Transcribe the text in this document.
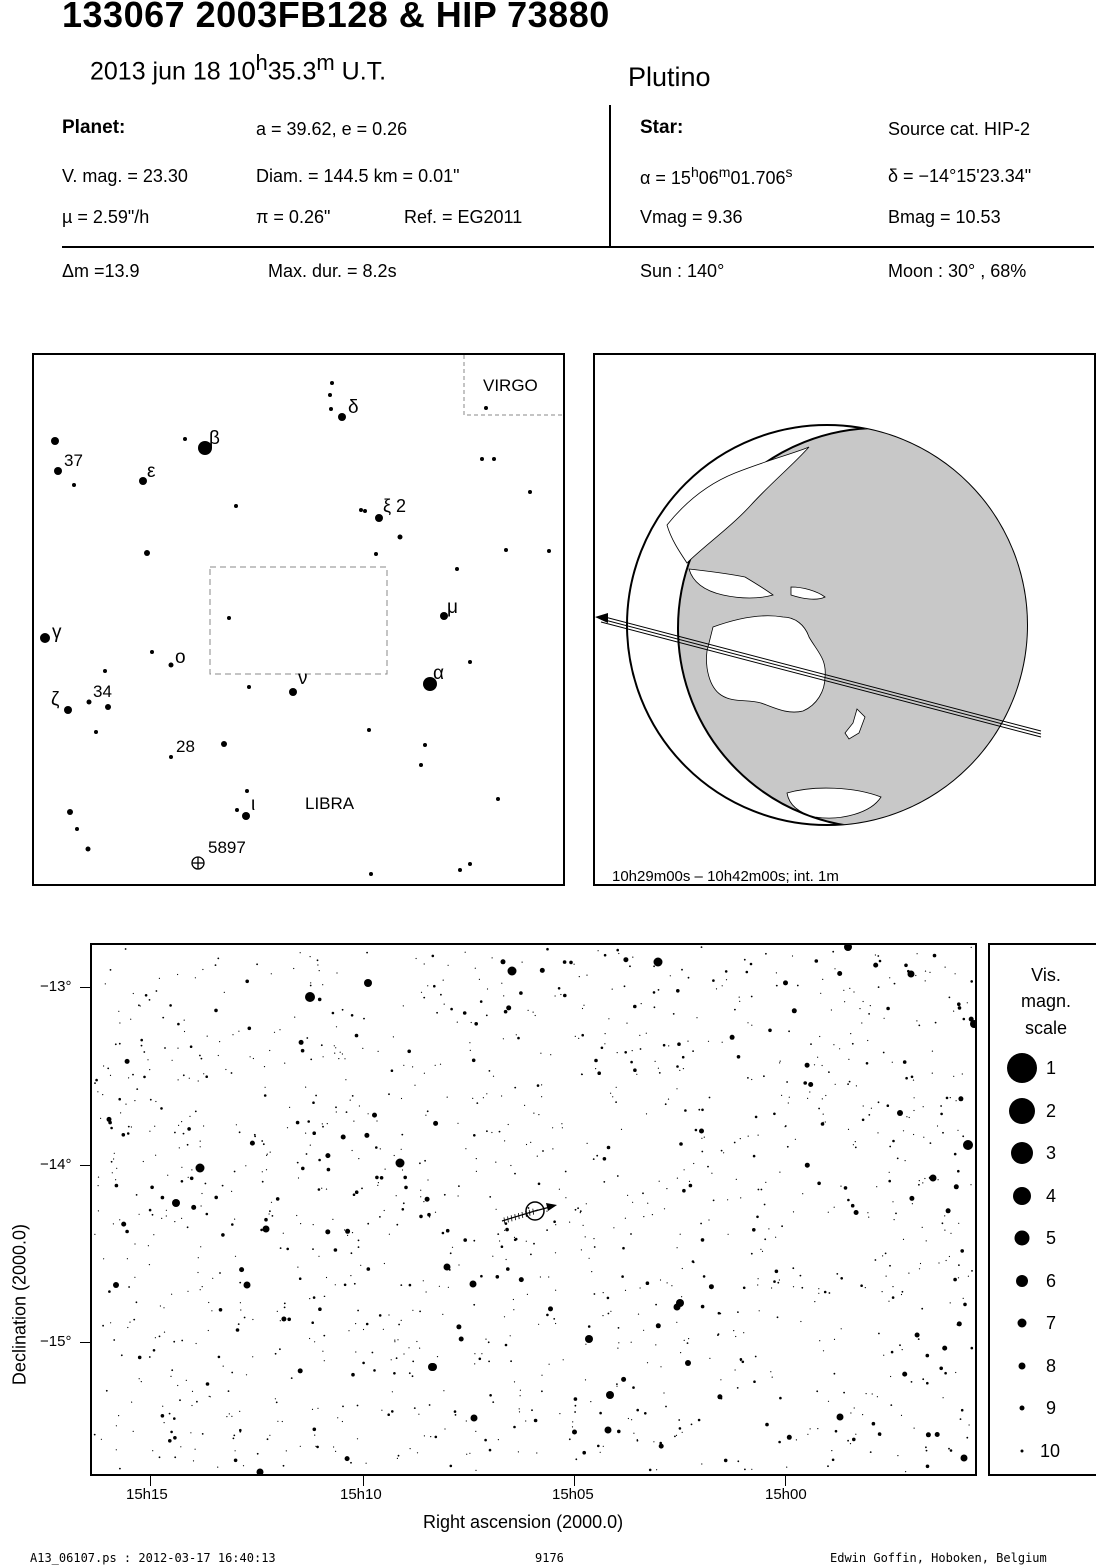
133067 2003FB128 & HIP 73880
2013 jun 18 10$^h$35.3$^m$ U.T.	Plutino
Planet:	a = 39.62, e = 0.26
V. mag. = 23.30	Diam. = 144.5 km = 0.01"
µ = 2.59"/h	π = 0.26"	Ref. = EG2011
Star:	Source cat. HIP-2
$\alpha = 15^h06^m01.706^s$	δ = −14°15'23.34"
Vmag = 9.36	Bmag = 10.53
Δm =13.9	Max. dur. = 8.2s	Sun : 140°	Moon : 30° , 68%
VIRGO
LIBRA
δ
β
37
ε
ξ 2
μ
γ
ο
ν	α
ζ 34
28
ι
5897
10h29m00s – 10h42m00s; int. 1m
Declination (2000.0)
−13°
−14°
−15°
15h15	15h10	15h05	15h00
Right ascension (2000.0)
Vis.
magn.
scale
1
2
3
4
5
6
7
8
9
10
A13_06107.ps : 2012-03-17 16:40:13	9176	Edwin Goffin, Hoboken, Belgium
